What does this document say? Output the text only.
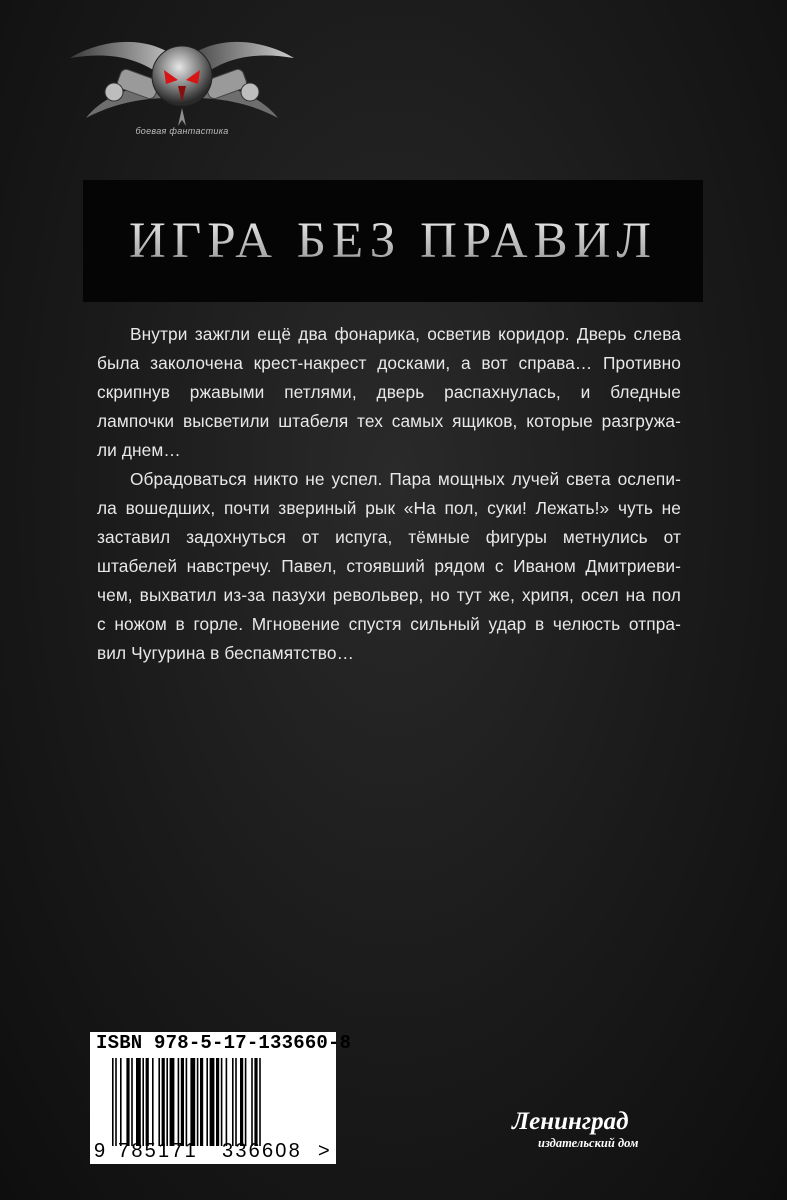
боевая фантастика
ИГРА БЕЗ ПРАВИЛ

Внутри зажгли ещё два фонарика, осветив коридор. Дверь слева
была заколочена крест-накрест досками, а вот справа… Противно
скрипнув ржавыми петлями, дверь распахнулась, и бледные
лампочки высветили штабеля тех самых ящиков, которые разгружа-
ли днем…

Обрадоваться никто не успел. Пара мощных лучей света ослепи-
ла вошедших, почти звериный рык «На пол, суки! Лежать!» чуть не
заставил задохнуться от испуга, тёмные фигуры метнулись от
штабелей навстречу. Павел, стоявший рядом с Иваном Дмитриеви-
чем, выхватил из-за пазухи револьвер, но тут же, хрипя, осел на пол
с ножом в горле. Мгновение спустя сильный удар в челюсть отпра-
вил Чугурина в беспамятство…

ISBN 978-5-17-133660-8
9 785171 336608 >
Ленинград
издательский дом
